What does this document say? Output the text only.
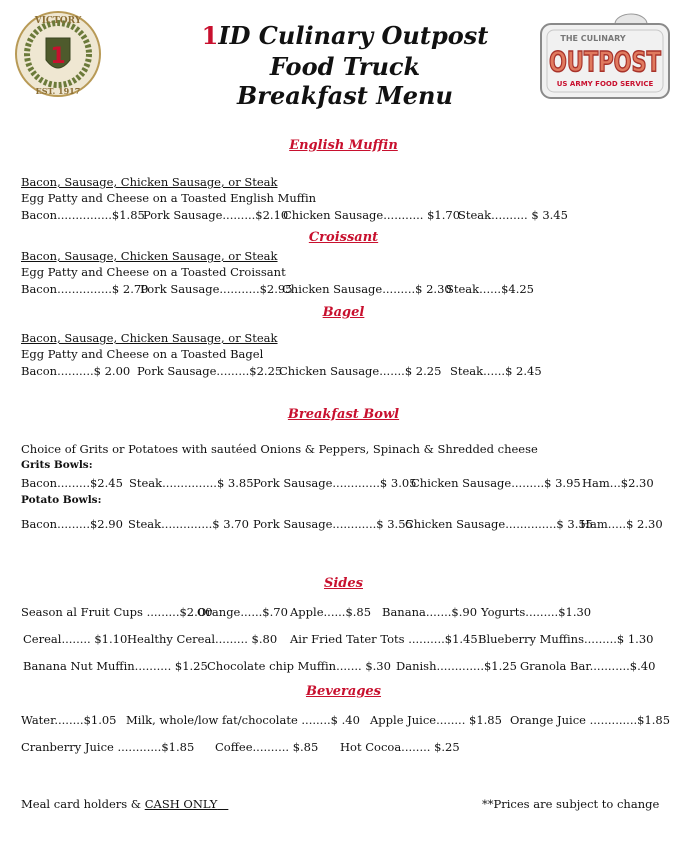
1
VICTORY
EST. 1917
THE CULINARY
OUTPOST
US ARMY FOOD SERVICE
1ID Culinary Outpost
Food Truck
Breakfast Menu
English Muffin
Bacon, Sausage, Chicken Sausage, or Steak
Egg Patty and Cheese on a Toasted English Muffin
Bacon...............$1.85
Pork Sausage.........$2.10
Chicken Sausage........... $1.70
Steak.......... $ 3.45
Croissant
Bacon, Sausage, Chicken Sausage, or Steak
Egg Patty and Cheese on a Toasted Croissant
Bacon...............$ 2.70
Pork Sausage...........$2.95
Chicken Sausage.........$ 2.30
Steak......$4.25
Bagel
Bacon, Sausage, Chicken Sausage, or Steak
Egg Patty and Cheese on a Toasted Bagel
Bacon..........$ 2.00 Pork Sausage.........$2.25
Chicken Sausage.......$ 2.25 Steak......$ 2.45
Breakfast Bowl
Choice of Grits or Potatoes with sautéed Onions & Peppers, Spinach & Shredded cheese
Grits Bowls:
Bacon.........$2.45 Steak...............$ 3.85 Pork Sausage.............$ 3.05
Chicken Sausage.........$ 3.95 Ham...$2.30
Potato Bowls:
Bacon.........$2.90 Steak..............$ 3.70 Pork Sausage............$ 3.55
Chicken Sausage..............$ 3.55
Ham.....$ 2.30
Sides
Season al Fruit Cups .........$2.00
Orange......$.70 Apple......$.85 Banana.......$.90 Yogurts.........$1.30
Cereal........ $1.10 Healthy Cereal......... $.80 Air Fried Tater Tots ..........$1.45 Blueberry Muffins.........$ 1.30
Banana Nut Muffin.......... $1.25 Chocolate chip Muffin....... $.30 Danish.............$1.25 Granola Bar...........$.40
Beverages
Water........$1.05 Milk, whole/low fat/chocolate ........$ .40 Apple Juice........ $1.85 Orange Juice .............$1.85
Cranberry Juice ............$1.85 Coffee.......... $.85 Hot Cocoa........ $.25
Meal card holders & CASH ONLY	**Prices are subject to change
